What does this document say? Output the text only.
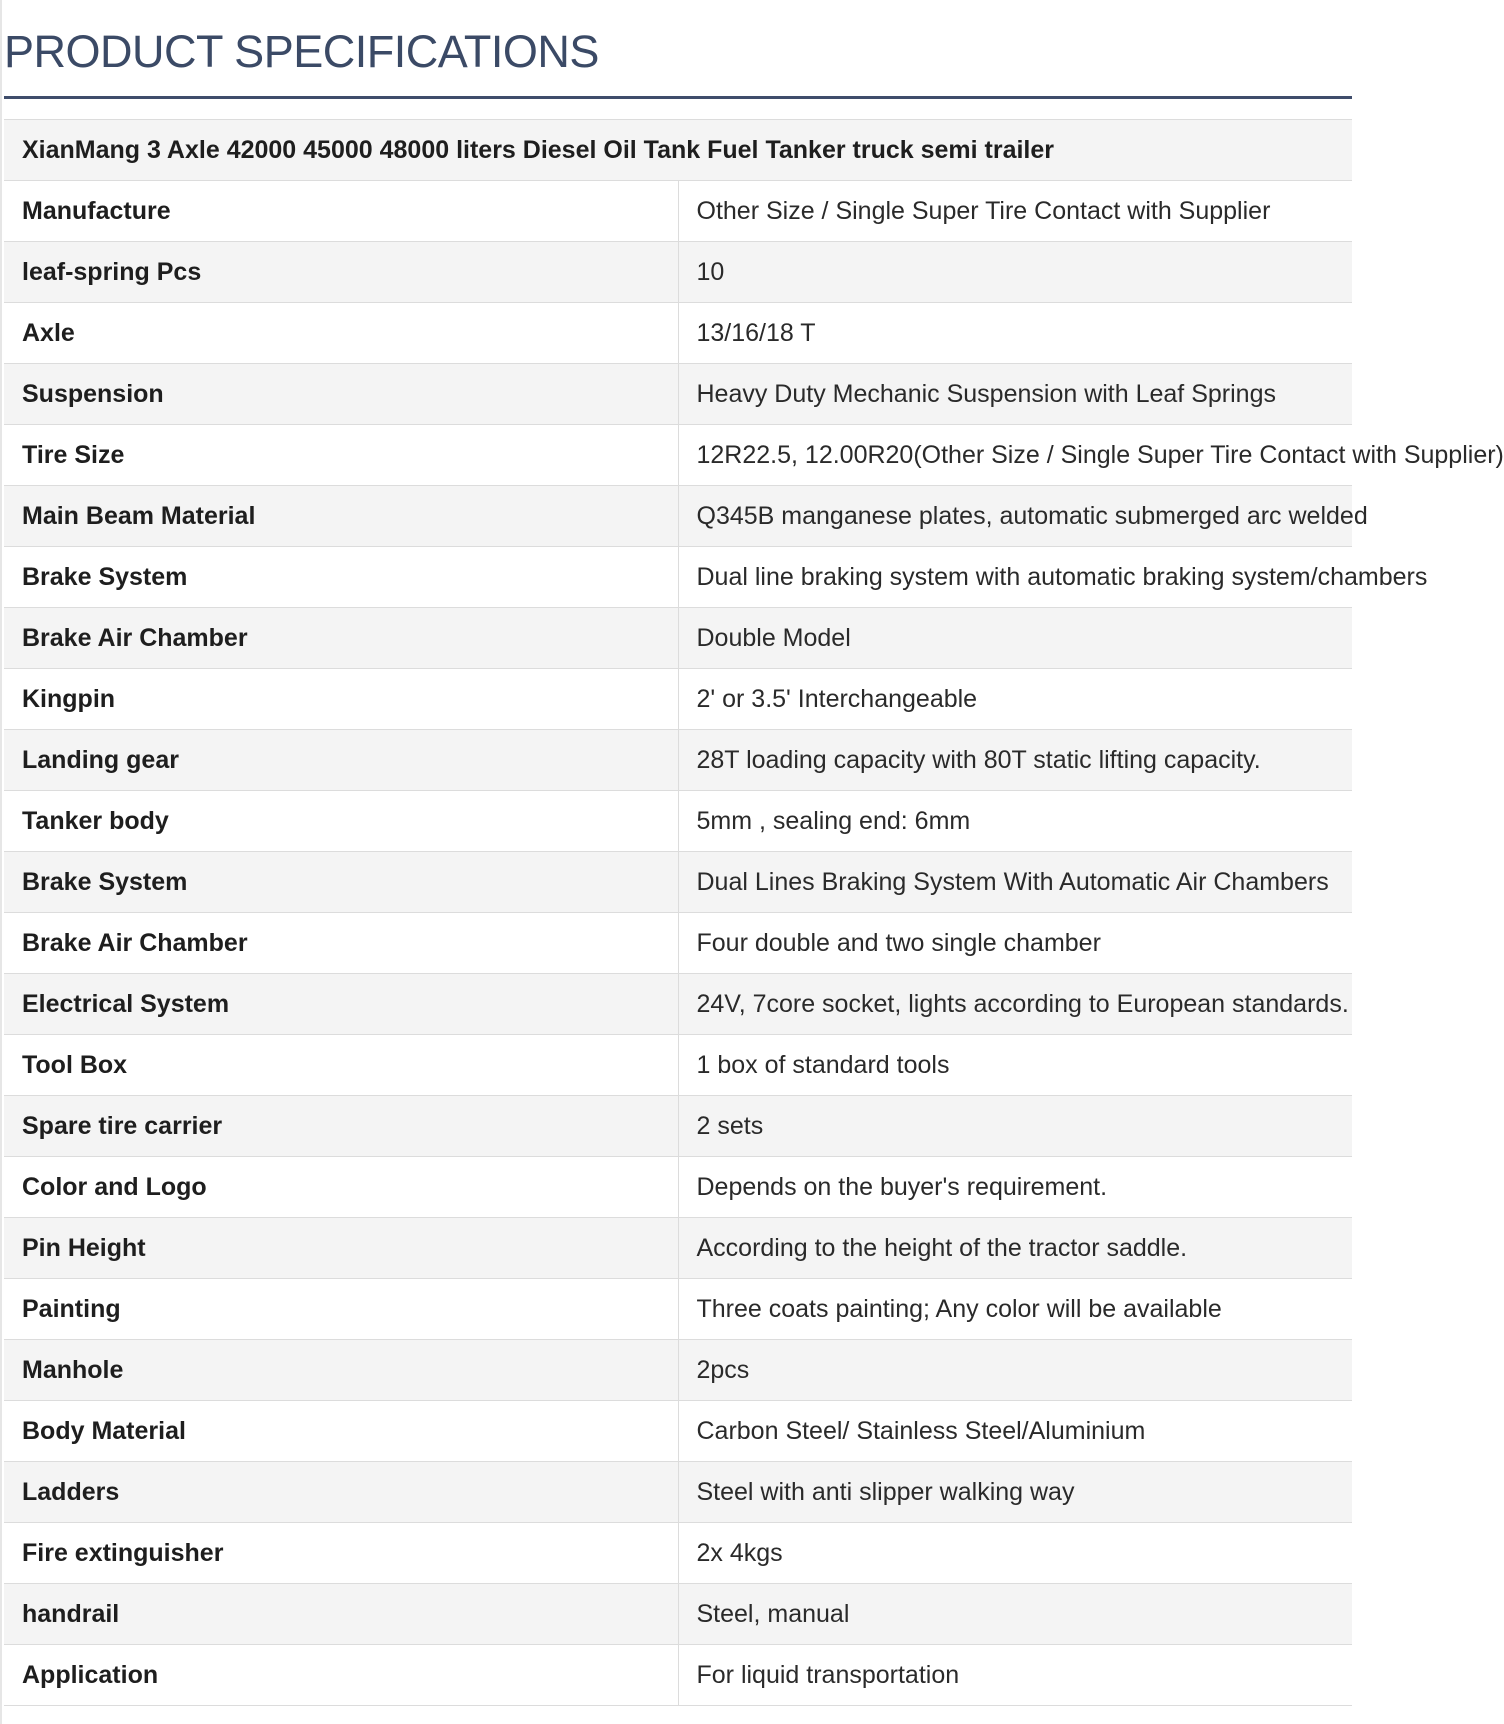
PRODUCT SPECIFICATIONS
XianMang 3 Axle 42000 45000 48000 liters Diesel Oil Tank Fuel Tanker truck semi trailer	
Manufacture	Other Size / Single Super Tire Contact with Supplier
leaf-spring Pcs	10
Axle	13/16/18 T
Suspension	Heavy Duty Mechanic Suspension with Leaf Springs
Tire Size	12R22.5, 12.00R20(Other Size / Single Super Tire Contact with Supplier)
Main Beam Material	Q345B manganese plates, automatic submerged arc welded
Brake System	Dual line braking system with automatic braking system/chambers
Brake Air Chamber	Double Model
Kingpin	2' or 3.5' Interchangeable
Landing gear	28T loading capacity with 80T static lifting capacity.
Tanker body	5mm , sealing end: 6mm
Brake System	Dual Lines Braking System With Automatic Air Chambers
Brake Air Chamber	Four double and two single chamber
Electrical System	24V, 7core socket, lights according to European standards.
Tool Box	1 box of standard tools
Spare tire carrier	2 sets
Color and Logo	Depends on the buyer's requirement.
Pin Height	According to the height of the tractor saddle.
Painting	Three coats painting; Any color will be available
Manhole	2pcs
Body Material	Carbon Steel/ Stainless Steel/Aluminium
Ladders	Steel with anti slipper walking way
Fire extinguisher	2x 4kgs
handrail	Steel, manual
Application	For liquid transportation
